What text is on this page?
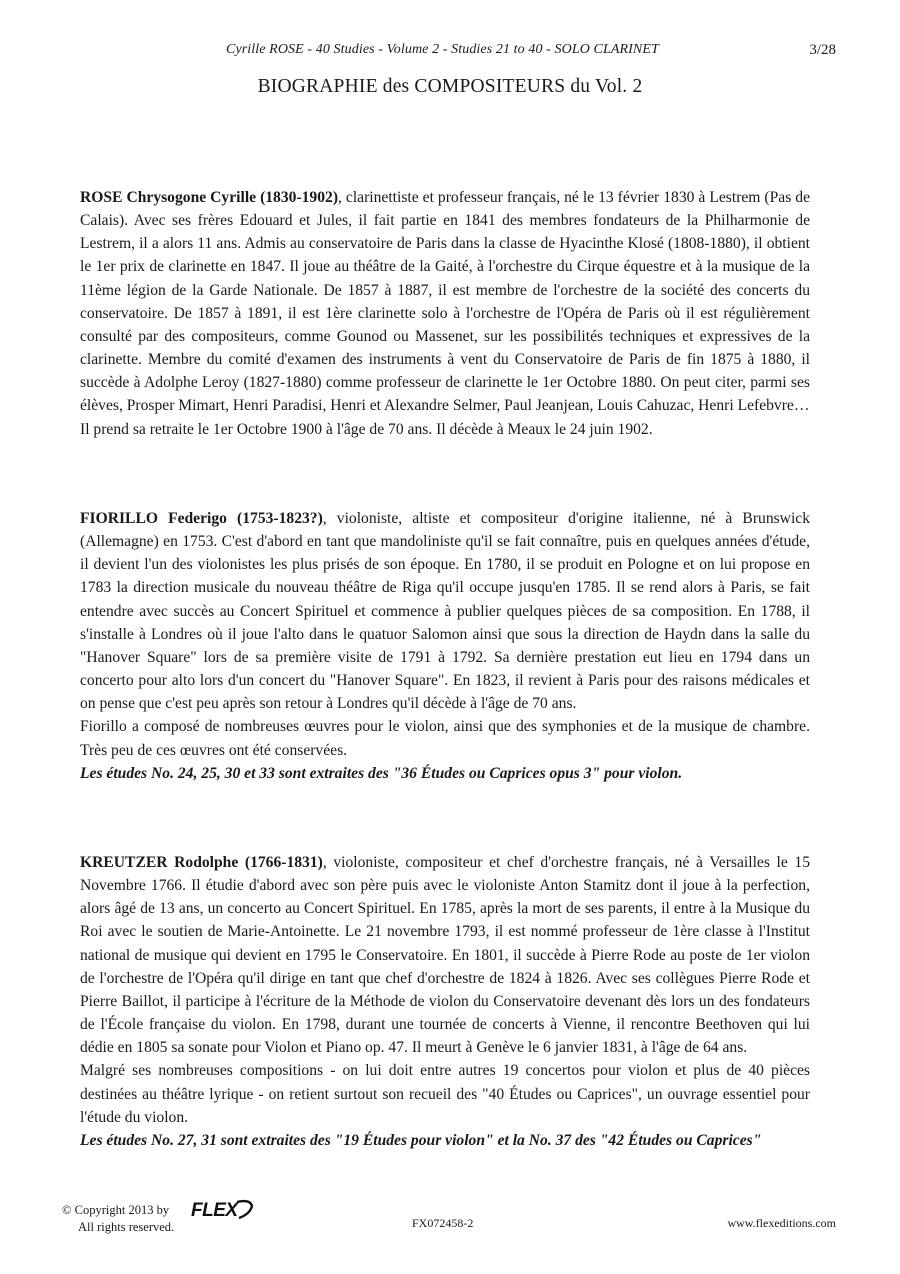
Cyrille ROSE - 40 Studies - Volume 2 - Studies 21 to 40 - SOLO CLARINET	3/28
BIOGRAPHIE des COMPOSITEURS du Vol. 2

ROSE Chrysogone Cyrille (1830-1902), clarinettiste et professeur français, né le 13 février 1830 à Lestrem (Pas de Calais). Avec ses frères Edouard et Jules, il fait partie en 1841 des membres fondateurs de la Philharmonie de Lestrem, il a alors 11 ans. Admis au conservatoire de Paris dans la classe de Hyacinthe Klosé (1808-1880), il obtient le 1er prix de clarinette en 1847. Il joue au théâtre de la Gaité, à l'orchestre du Cirque équestre et à la musique de la 11ème légion de la Garde Nationale. De 1857 à 1887, il est membre de l'orchestre de la société des concerts du conservatoire. De 1857 à 1891, il est 1ère clarinette solo à l'orchestre de l'Opéra de Paris où il est régulièrement consulté par des compositeurs, comme Gounod ou Massenet, sur les possibilités techniques et expressives de la clarinette. Membre du comité d'examen des instruments à vent du Conservatoire de Paris de fin 1875 à 1880, il succède à Adolphe Leroy (1827-1880) comme professeur de clarinette le 1er Octobre 1880. On peut citer, parmi ses élèves, Prosper Mimart, Henri Paradisi, Henri et Alexandre Selmer, Paul Jeanjean, Louis Cahuzac, Henri Lefebvre…

Il prend sa retraite le 1er Octobre 1900 à l'âge de 70 ans. Il décède à Meaux le 24 juin 1902.

FIORILLO Federigo (1753-1823?), violoniste, altiste et compositeur d'origine italienne, né à Brunswick (Allemagne) en 1753. C'est d'abord en tant que mandoliniste qu'il se fait connaître, puis en quelques années d'étude, il devient l'un des violonistes les plus prisés de son époque. En 1780, il se produit en Pologne et on lui propose en 1783 la direction musicale du nouveau théâtre de Riga qu'il occupe jusqu'en 1785. Il se rend alors à Paris, se fait entendre avec succès au Concert Spirituel et commence à publier quelques pièces de sa composition. En 1788, il s'installe à Londres où il joue l'alto dans le quatuor Salomon ainsi que sous la direction de Haydn dans la salle du "Hanover Square" lors de sa première visite de 1791 à 1792. Sa dernière prestation eut lieu en 1794 dans un concerto pour alto lors d'un concert du "Hanover Square". En 1823, il revient à Paris pour des raisons médicales et on pense que c'est peu après son retour à Londres qu'il décède à l'âge de 70 ans.

Fiorillo a composé de nombreuses œuvres pour le violon, ainsi que des symphonies et de la musique de chambre. Très peu de ces œuvres ont été conservées.

Les études No. 24, 25, 30 et 33 sont extraites des "36 Études ou Caprices opus 3" pour violon.

KREUTZER Rodolphe (1766-1831), violoniste, compositeur et chef d'orchestre français, né à Versailles le 15 Novembre 1766. Il étudie d'abord avec son père puis avec le violoniste Anton Stamitz dont il joue à la perfection, alors âgé de 13 ans, un concerto au Concert Spirituel. En 1785, après la mort de ses parents, il entre à la Musique du Roi avec le soutien de Marie-Antoinette. Le 21 novembre 1793, il est nommé professeur de 1ère classe à l'Institut national de musique qui devient en 1795 le Conservatoire. En 1801, il succède à Pierre Rode au poste de 1er violon de l'orchestre de l'Opéra qu'il dirige en tant que chef d'orchestre de 1824 à 1826. Avec ses collègues Pierre Rode et Pierre Baillot, il participe à l'écriture de la Méthode de violon du Conservatoire devenant dès lors un des fondateurs de l'École française du violon. En 1798, durant une tournée de concerts à Vienne, il rencontre Beethoven qui lui dédie en 1805 sa sonate pour Violon et Piano op. 47. Il meurt à Genève le 6 janvier 1831, à l'âge de 64 ans.

Malgré ses nombreuses compositions - on lui doit entre autres 19 concertos pour violon et plus de 40 pièces destinées au théâtre lyrique - on retient surtout son recueil des "40 Études ou Caprices", un ouvrage essentiel pour l'étude du violon.

Les études No. 27, 31 sont extraites des "19 Études pour violon" et la No. 37 des "42 Études ou Caprices"

© Copyright 2013 by
All rights reserved.
FLEX
FX072458-2	www.flexeditions.com
